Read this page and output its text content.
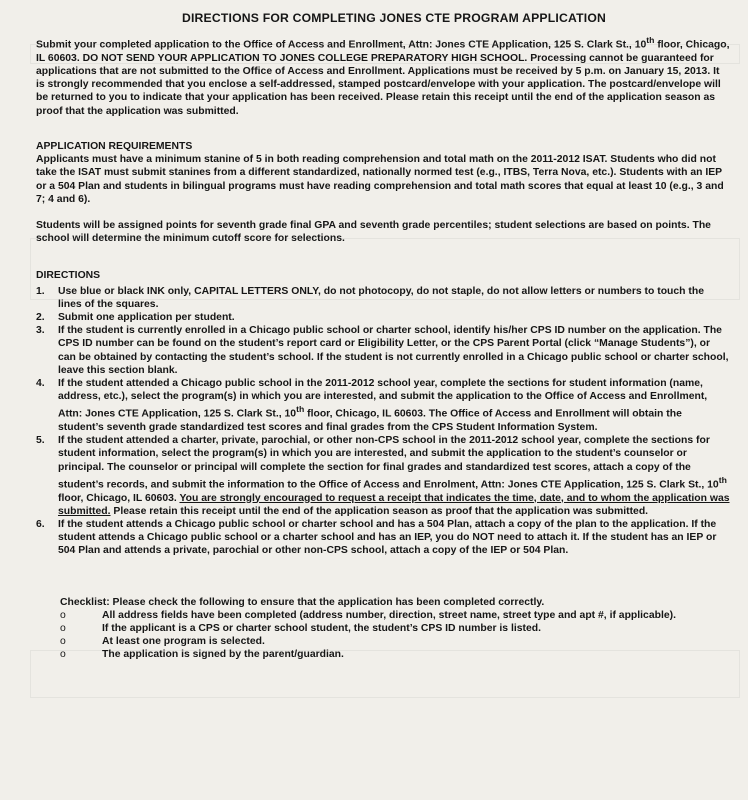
DIRECTIONS FOR COMPLETING JONES CTE PROGRAM APPLICATION

Submit your completed application to the Office of Access and Enrollment, Attn: Jones CTE Application, 125 S. Clark St., 10th floor, Chicago, IL 60603. DO NOT SEND YOUR APPLICATION TO JONES COLLEGE PREPARATORY HIGH SCHOOL. Processing cannot be guaranteed for applications that are not submitted to the Office of Access and Enrollment. Applications must be received by 5 p.m. on January 15, 2013. It is strongly recommended that you enclose a self-addressed, stamped postcard/envelope with your application. The postcard/envelope will be returned to you to indicate that your application has been received. Please retain this receipt until the end of the application season as proof that the application was submitted.

APPLICATION REQUIREMENTS

Applicants must have a minimum stanine of 5 in both reading comprehension and total math on the 2011-2012 ISAT. Students who did not take the ISAT must submit stanines from a different standardized, nationally normed test (e.g., ITBS, Terra Nova, etc.). Students with an IEP or a 504 Plan and students in bilingual programs must have reading comprehension and total math scores that equal at least 10 (e.g., 3 and 7; 4 and 6).

Students will be assigned points for seventh grade final GPA and seventh grade percentiles; student selections are based on points. The school will determine the minimum cutoff score for selections.

DIRECTIONS

1. Use blue or black INK only, CAPITAL LETTERS ONLY, do not photocopy, do not staple, do not allow letters or numbers to touch the lines of the squares.
2. Submit one application per student.
3. If the student is currently enrolled in a Chicago public school or charter school, identify his/her CPS ID number on the application. The CPS ID number can be found on the student’s report card or Eligibility Letter, or the CPS Parent Portal (click “Manage Students”), or can be obtained by contacting the student’s school. If the student is not currently enrolled in a Chicago public school or charter school, leave this section blank.
4. If the student attended a Chicago public school in the 2011-2012 school year, complete the sections for student information (name, address, etc.), select the program(s) in which you are interested, and submit the application to the Office of Access and Enrollment, Attn: Jones CTE Application, 125 S. Clark St., 10th floor, Chicago, IL 60603. The Office of Access and Enrollment will obtain the student’s seventh grade standardized test scores and final grades from the CPS Student Information System.
5. If the student attended a charter, private, parochial, or other non-CPS school in the 2011-2012 school year, complete the sections for student information, select the program(s) in which you are interested, and submit the application to the student’s counselor or principal. The counselor or principal will complete the section for final grades and standardized test scores, attach a copy of the student’s records, and submit the information to the Office of Access and Enrolment, Attn: Jones CTE Application, 125 S. Clark St., 10th floor, Chicago, IL 60603. You are strongly encouraged to request a receipt that indicates the time, date, and to whom the application was submitted. Please retain this receipt until the end of the application season as proof that the application was submitted.
6. If the student attends a Chicago public school or charter school and has a 504 Plan, attach a copy of the plan to the application. If the student attends a Chicago public school or a charter school and has an IEP, you do NOT need to attach it. If the student has an IEP or 504 Plan and attends a private, parochial or other non-CPS school, attach a copy of the IEP or 504 Plan.

Checklist: Please check the following to ensure that the application has been completed correctly.

o	All address fields have been completed (address number, direction, street name, street type and apt #, if applicable).
o	If the applicant is a CPS or charter school student, the student’s CPS ID number is listed.
o	At least one program is selected.
o	The application is signed by the parent/guardian.
